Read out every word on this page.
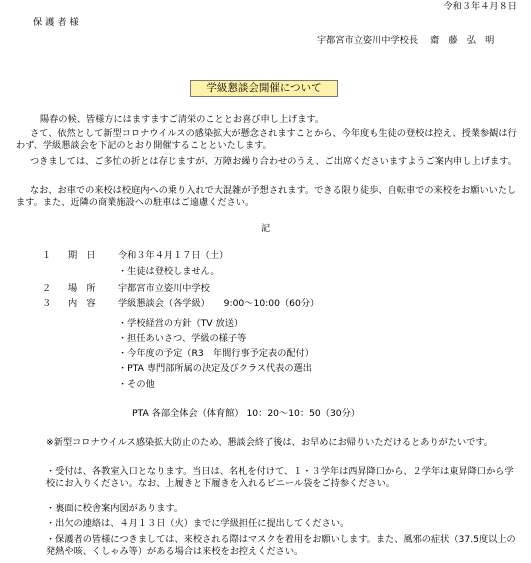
令和３年４月８日
保 護 者 様
宇都宮市立姿川中学校長 齋　藤　弘　明
学級懇談会開催について
陽春の候、皆様方にはますますご清栄のこととお喜び申し上げます。
さて、依然として新型コロナウイルスの感染拡大が懸念されますことから、今年度も生徒の登校は控え、授業参観は行わず、学級懇談会を下記のとおり開催することといたします。
つきましては、ご多忙の折とは存じますが、万障お繰り合わせのうえ、ご出席くださいますようご案内申し上げます。
なお、お車での来校は校庭内への乗り入れで大混雑が予想されます。できる限り徒歩、自転車での来校をお願いいたします。また、近隣の商業施設への駐車はご遠慮ください。
記
１ 期　日 令和３年４月１７日（土）
・生徒は登校しません。
２ 場　所 宇都宮市立姿川中学校
３ 内　容 学級懇談会（各学級）　　9:00～10:00（60分）
・学校経営の方針（TV 放送）
・担任あいさつ、学級の様子等
・今年度の予定（R3　年間行事予定表の配付）
・PTA 専門部所属の決定及びクラス代表の選出
・その他
PTA 各部全体会（体育館） 10：20～10：50（30分）
※新型コロナウイルス感染拡大防止のため、懇談会終了後は、お早めにお帰りいただけるとありがたいです。
・受付は、各教室入口となります。当日は、名札を付けて、１・３学年は西昇降口から、２学年は東昇降口から学校にお入りください。なお、上履きと下履きを入れるビニール袋をご持参ください。
・裏面に校舎案内図があります。
・出欠の連絡は、４月１３日（火）までに学級担任に提出してください。
・保護者の皆様につきましては、来校される際はマスクを着用をお願いします。また、風邪の症状（37.5度以上の発熱や咳、くしゃみ等）がある場合は来校をお控えください。
